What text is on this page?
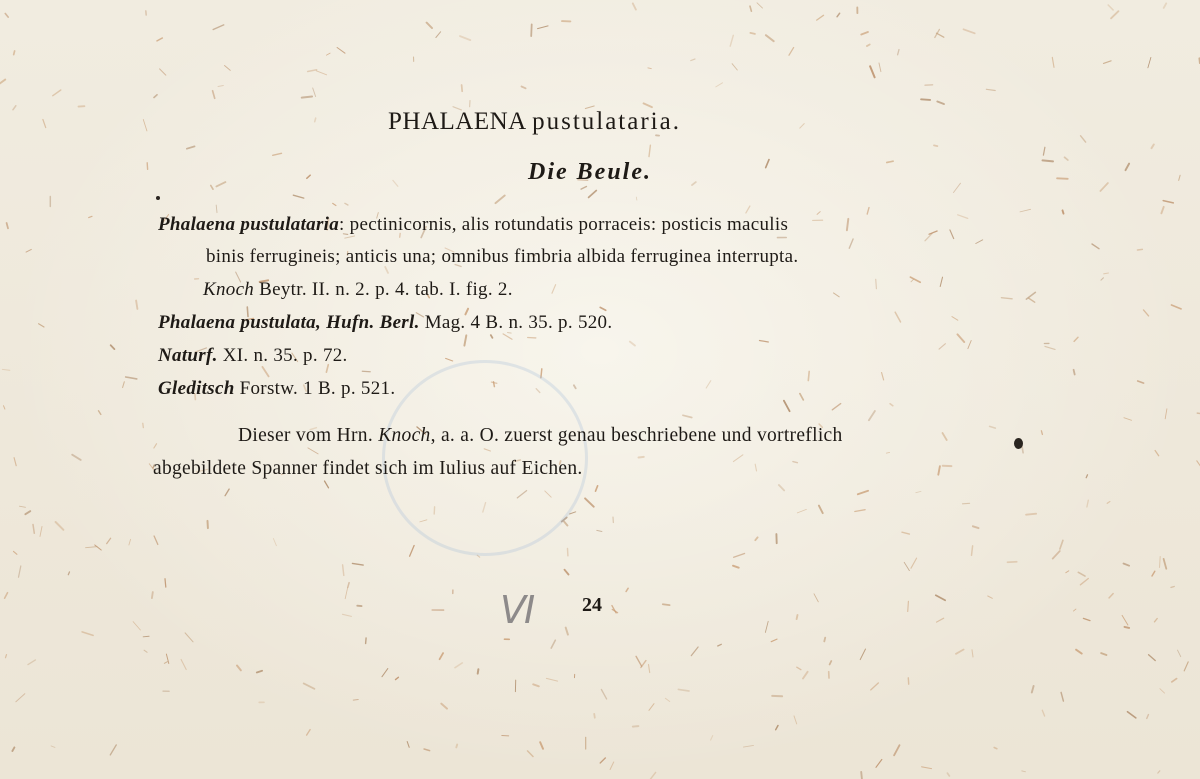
PHALAENA pustulataria.
Die Beule.
Phalaena pustulataria: pectinicornis, alis rotundatis porraceis: posticis maculis
binis ferrugineis; anticis una; omnibus fimbria albida ferruginea interrupta.
Knoch Beytr. II. n. 2. p. 4. tab. I. fig. 2.
Phalaena pustulata, Hufn. Berl. Mag. 4 B. n. 35. p. 520.
Naturf. XI. n. 35. p. 72.
Gleditsch Forstw. 1 B. p. 521.
Dieser vom Hrn. Knoch, a. a. O. zuerst genau beschriebene und vortreflich
abgebildete Spanner findet sich im Iulius auf Eichen.
VI 24
